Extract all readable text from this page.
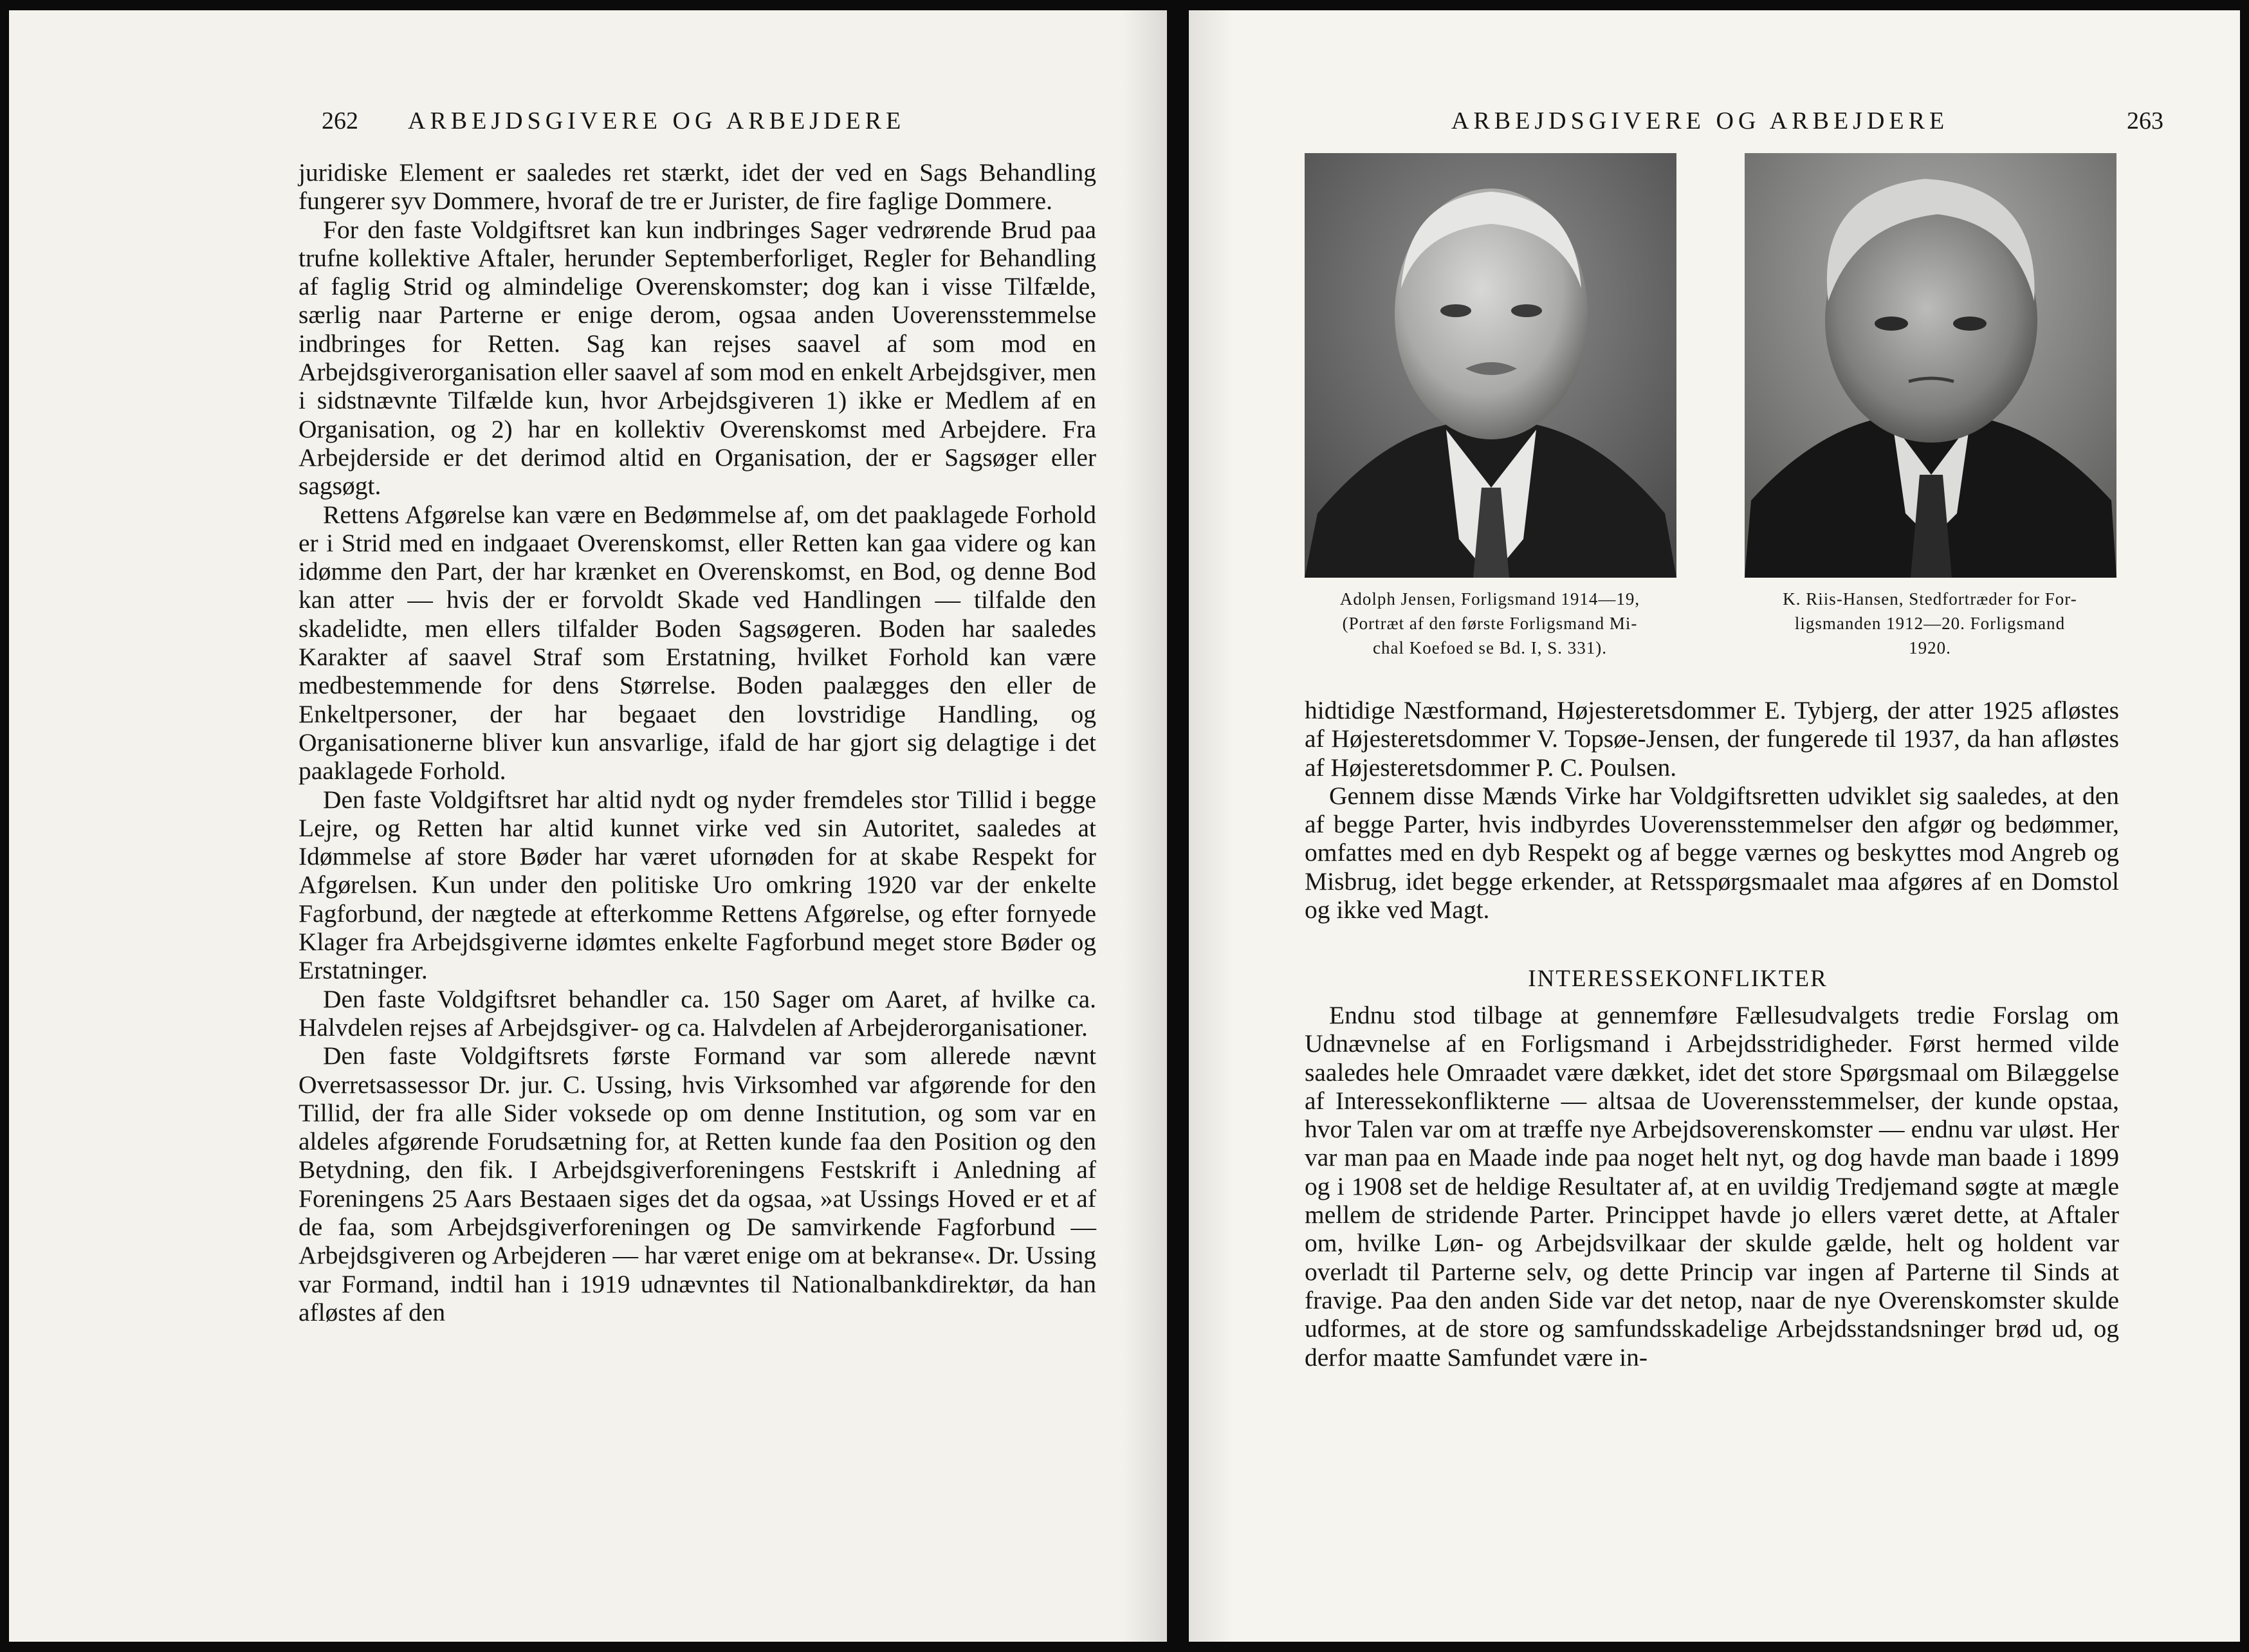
262 ARBEJDSGIVERE OG ARBEJDERE

juridiske Element er saaledes ret stærkt, idet der ved en Sags Behandling fungerer syv Dommere, hvoraf de tre er Jurister, de fire faglige Dommere.

For den faste Voldgiftsret kan kun indbringes Sager vedrørende Brud paa trufne kollektive Aftaler, herunder Septemberforliget, Regler for Behandling af faglig Strid og almindelige Overenskomster; dog kan i visse Tilfælde, særlig naar Parterne er enige derom, ogsaa anden Uoverensstemmelse indbringes for Retten. Sag kan rejses saavel af som mod en Arbejdsgiverorganisation eller saavel af som mod en enkelt Arbejdsgiver, men i sidstnævnte Tilfælde kun, hvor Arbejdsgiveren 1) ikke er Medlem af en Organisation, og 2) har en kollektiv Overenskomst med Arbejdere. Fra Arbejderside er det derimod altid en Organisation, der er Sagsøger eller sagsøgt.

Rettens Afgørelse kan være en Bedømmelse af, om det paaklagede Forhold er i Strid med en indgaaet Overenskomst, eller Retten kan gaa videre og kan idømme den Part, der har krænket en Overenskomst, en Bod, og denne Bod kan atter — hvis der er forvoldt Skade ved Handlingen — tilfalde den skadelidte, men ellers tilfalder Boden Sagsøgeren. Boden har saaledes Karakter af saavel Straf som Erstatning, hvilket Forhold kan være medbestemmende for dens Størrelse. Boden paalægges den eller de Enkeltpersoner, der har begaaet den lovstridige Handling, og Organisationerne bliver kun ansvarlige, ifald de har gjort sig delagtige i det paaklagede Forhold.

Den faste Voldgiftsret har altid nydt og nyder fremdeles stor Tillid i begge Lejre, og Retten har altid kunnet virke ved sin Autoritet, saaledes at Idømmelse af store Bøder har været ufornøden for at skabe Respekt for Afgørelsen. Kun under den politiske Uro omkring 1920 var der enkelte Fagforbund, der nægtede at efterkomme Rettens Afgørelse, og efter fornyede Klager fra Arbejdsgiverne idømtes enkelte Fagforbund meget store Bøder og Erstatninger.

Den faste Voldgiftsret behandler ca. 150 Sager om Aaret, af hvilke ca. Halvdelen rejses af Arbejdsgiver- og ca. Halvdelen af Arbejderorganisationer.

Den faste Voldgiftsrets første Formand var som allerede nævnt Overretsassessor Dr. jur. C. Ussing, hvis Virksomhed var afgørende for den Tillid, der fra alle Sider voksede op om denne Institution, og som var en aldeles afgørende Forudsætning for, at Retten kunde faa den Position og den Betydning, den fik. I Arbejdsgiverforeningens Festskrift i Anledning af Foreningens 25 Aars Bestaaen siges det da ogsaa, »at Ussings Hoved er et af de faa, som Arbejdsgiverforeningen og De samvirkende Fagforbund — Arbejdsgiveren og Arbejderen — har været enige om at bekranse«. Dr. Ussing var Formand, indtil han i 1919 udnævntes til Nationalbankdirektør, da han afløstes af den

ARBEJDSGIVERE OG ARBEJDERE	263
Adolph Jensen, Forligsmand 1914—19,
(Portræt af den første Forligsmand Mi-
chal Koefoed se Bd. I, S. 331).
K. Riis-Hansen, Stedfortræder for For-
ligsmanden 1912—20. Forligsmand
1920.

hidtidige Næstformand, Højesteretsdommer E. Tybjerg, der atter 1925 afløstes af Højesteretsdommer V. Topsøe-Jensen, der fungerede til 1937, da han afløstes af Højesteretsdommer P. C. Poulsen.

Gennem disse Mænds Virke har Voldgiftsretten udviklet sig saaledes, at den af begge Parter, hvis indbyrdes Uoverensstemmelser den afgør og bedømmer, omfattes med en dyb Respekt og af begge værnes og beskyttes mod Angreb og Misbrug, idet begge erkender, at Retsspørgsmaalet maa afgøres af en Domstol og ikke ved Magt.

INTERESSEKONFLIKTER

Endnu stod tilbage at gennemføre Fællesudvalgets tredie Forslag om Udnævnelse af en Forligsmand i Arbejdsstridigheder. Først hermed vilde saaledes hele Omraadet være dækket, idet det store Spørgsmaal om Bilæggelse af Interessekonflikterne — altsaa de Uoverensstemmelser, der kunde opstaa, hvor Talen var om at træffe nye Arbejdsoverenskomster — endnu var uløst. Her var man paa en Maade inde paa noget helt nyt, og dog havde man baade i 1899 og i 1908 set de heldige Resultater af, at en uvildig Tredjemand søgte at mægle mellem de stridende Parter. Princippet havde jo ellers været dette, at Aftaler om, hvilke Løn- og Arbejdsvilkaar der skulde gælde, helt og holdent var overladt til Parterne selv, og dette Princip var ingen af Parterne til Sinds at fravige. Paa den anden Side var det netop, naar de nye Overenskomster skulde udformes, at de store og samfundsskadelige Arbejdsstandsninger brød ud, og derfor maatte Samfundet være in-
